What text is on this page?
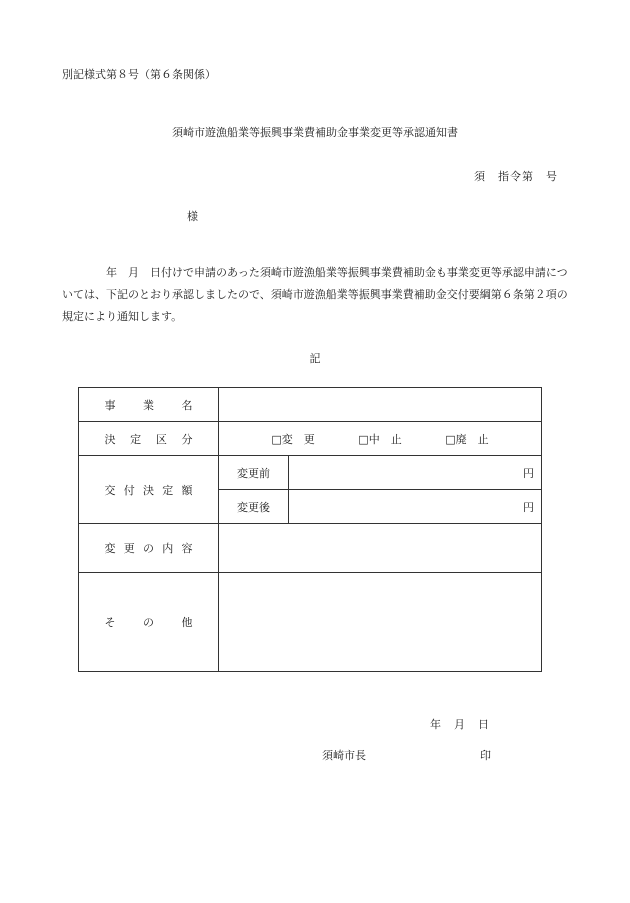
別記様式第８号（第６条関係）
須崎市遊漁船業等振興事業費補助金事業変更等承認通知書
須　指令第　号
様
年　月　日付けで申請のあった須崎市遊漁船業等振興事業費補助金も事業変更等承認申請については、下記のとおり承認しましたので、須崎市遊漁船業等振興事業費補助金交付要綱第６条第２項の規定により通知します。
記
事業名		
決定区分	□変　更 □中　止 □廃　止	
交付決定額	変更前	円
	変更後	円
変更の内容		
その他		
年　月　日
須崎市長	印
